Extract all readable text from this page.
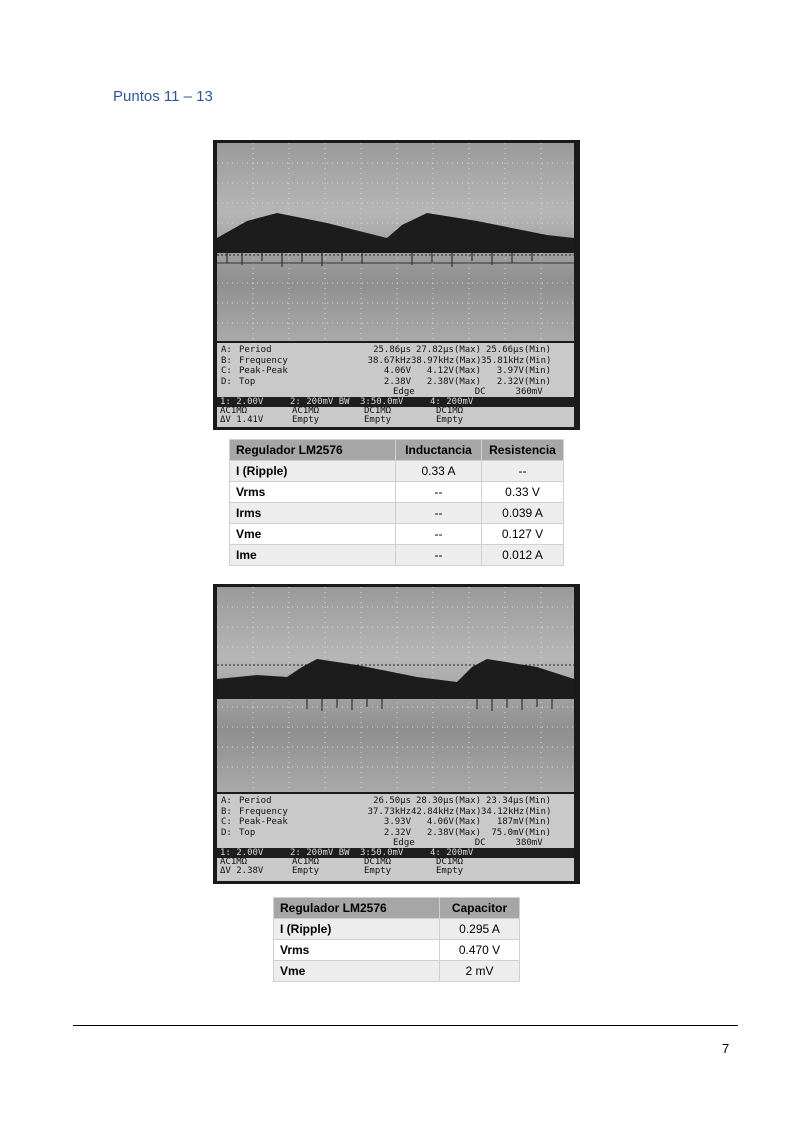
Puntos 11 – 13
A: Period	25.86µs 27.82µs(Max) 25.66µs(Min)
B: Frequency	38.67kHz 38.97kHz(Max) 35.81kHz(Min)
C: Peak-Peak	4.06V	4.12V(Max)	3.97V(Min)
D: Top	2.38V	2.38V(Max)	2.32V(Min)
Edge	DC	360mV
1: 2.00V	2: 200mV BW 3:50.0mV	4: 200mV
AC1MΩ	AC1MΩ	DC1MΩ	DC1MΩ
ΔV 1.41V	Empty	Empty	Empty
Regulador LM2576	Inductancia	Resistencia
I (Ripple)	0.33 A	--
Vrms	--	0.33 V
Irms	--	0.039 A
Vme	--	0.127 V
Ime	--	0.012 A
A: Period	26.50µs 28.30µs(Max) 23.34µs(Min)
B: Frequency	37.73kHz 42.84kHz(Max) 34.12kHz(Min)
C: Peak-Peak	3.93V	4.06V(Max)	187mV(Min)
D: Top	2.32V	2.38V(Max)	75.0mV(Min)
Edge	DC	380mV
1: 2.00V	2: 200mV BW 3:50.0mV	4: 200mV
AC1MΩ	AC1MΩ	DC1MΩ	DC1MΩ
ΔV 2.38V	Empty	Empty	Empty
Regulador LM2576	Capacitor
I (Ripple)	0.295 A
Vrms	0.470 V
Vme	2 mV
7
